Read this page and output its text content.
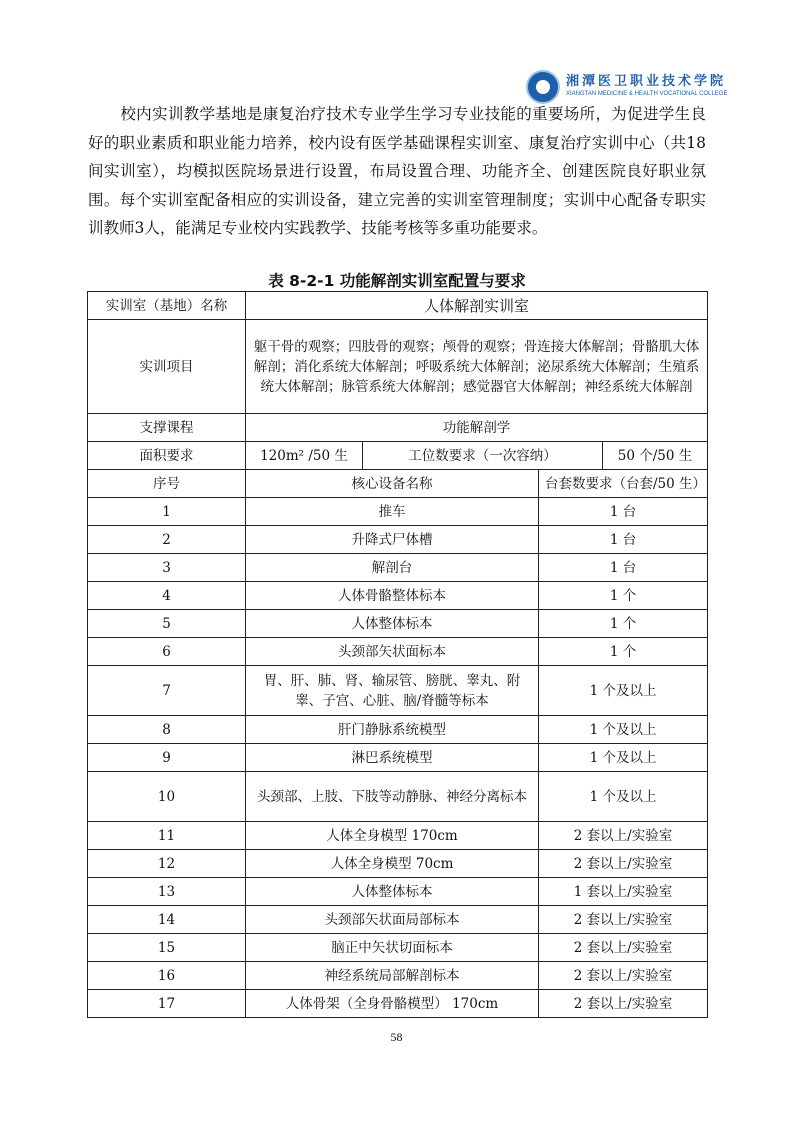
湘潭医卫职业技术学院
XIANGTAN MEDICINE & HEALTH VOCATIONAL COLLEGE

校内实训教学基地是康复治疗技术专业学生学习专业技能的重要场所，为促进学生良好的职业素质和职业能力培养，校内设有医学基础课程实训室、康复治疗实训中心（共18间实训室），均模拟医院场景进行设置，布局设置合理、功能齐全、创建医院良好职业氛围。每个实训室配备相应的实训设备，建立完善的实训室管理制度；实训中心配备专职实训教师3人，能满足专业校内实践教学、技能考核等多重功能要求。

表 8-2-1 功能解剖实训室配置与要求

实训室（基地）名称	人体解剖实训室			
实训项目	躯干骨的观察；四肢骨的观察；颅骨的观察；骨连接大体解剖；骨骼肌大体解剖；消化系统大体解剖；呼吸系统大体解剖；泌尿系统大体解剖；生殖系统大体解剖；脉管系统大体解剖；感觉器官大体解剖；神经系统大体解剖			
支撑课程	功能解剖学			
面积要求	120m² /50 生	工位数要求（一次容纳）		50 个/50 生
序号	核心设备名称		台套数要求（台套/50 生）	
1	推车		1 台	
2	升降式尸体槽		1 台	
3	解剖台		1 台	
4	人体骨骼整体标本		1 个	
5	人体整体标本		1 个	
6	头颈部矢状面标本		1 个	
7	胃、肝、肺、肾、输尿管、膀胱、睾丸、附睾、子宫、心脏、脑/脊髓等标本		1 个及以上	
8	肝门静脉系统模型		1 个及以上	
9	淋巴系统模型		1 个及以上	
10	头颈部、上肢、下肢等动静脉、神经分离标本		1 个及以上	
11	人体全身模型 170cm		2 套以上/实验室	
12	人体全身模型 70cm		2 套以上/实验室	
13	人体整体标本		1 套以上/实验室	
14	头颈部矢状面局部标本		2 套以上/实验室	
15	脑正中矢状切面标本		2 套以上/实验室	
16	神经系统局部解剖标本		2 套以上/实验室	
17	人体骨架（全身骨骼模型） 170cm		2 套以上/实验室	
58
